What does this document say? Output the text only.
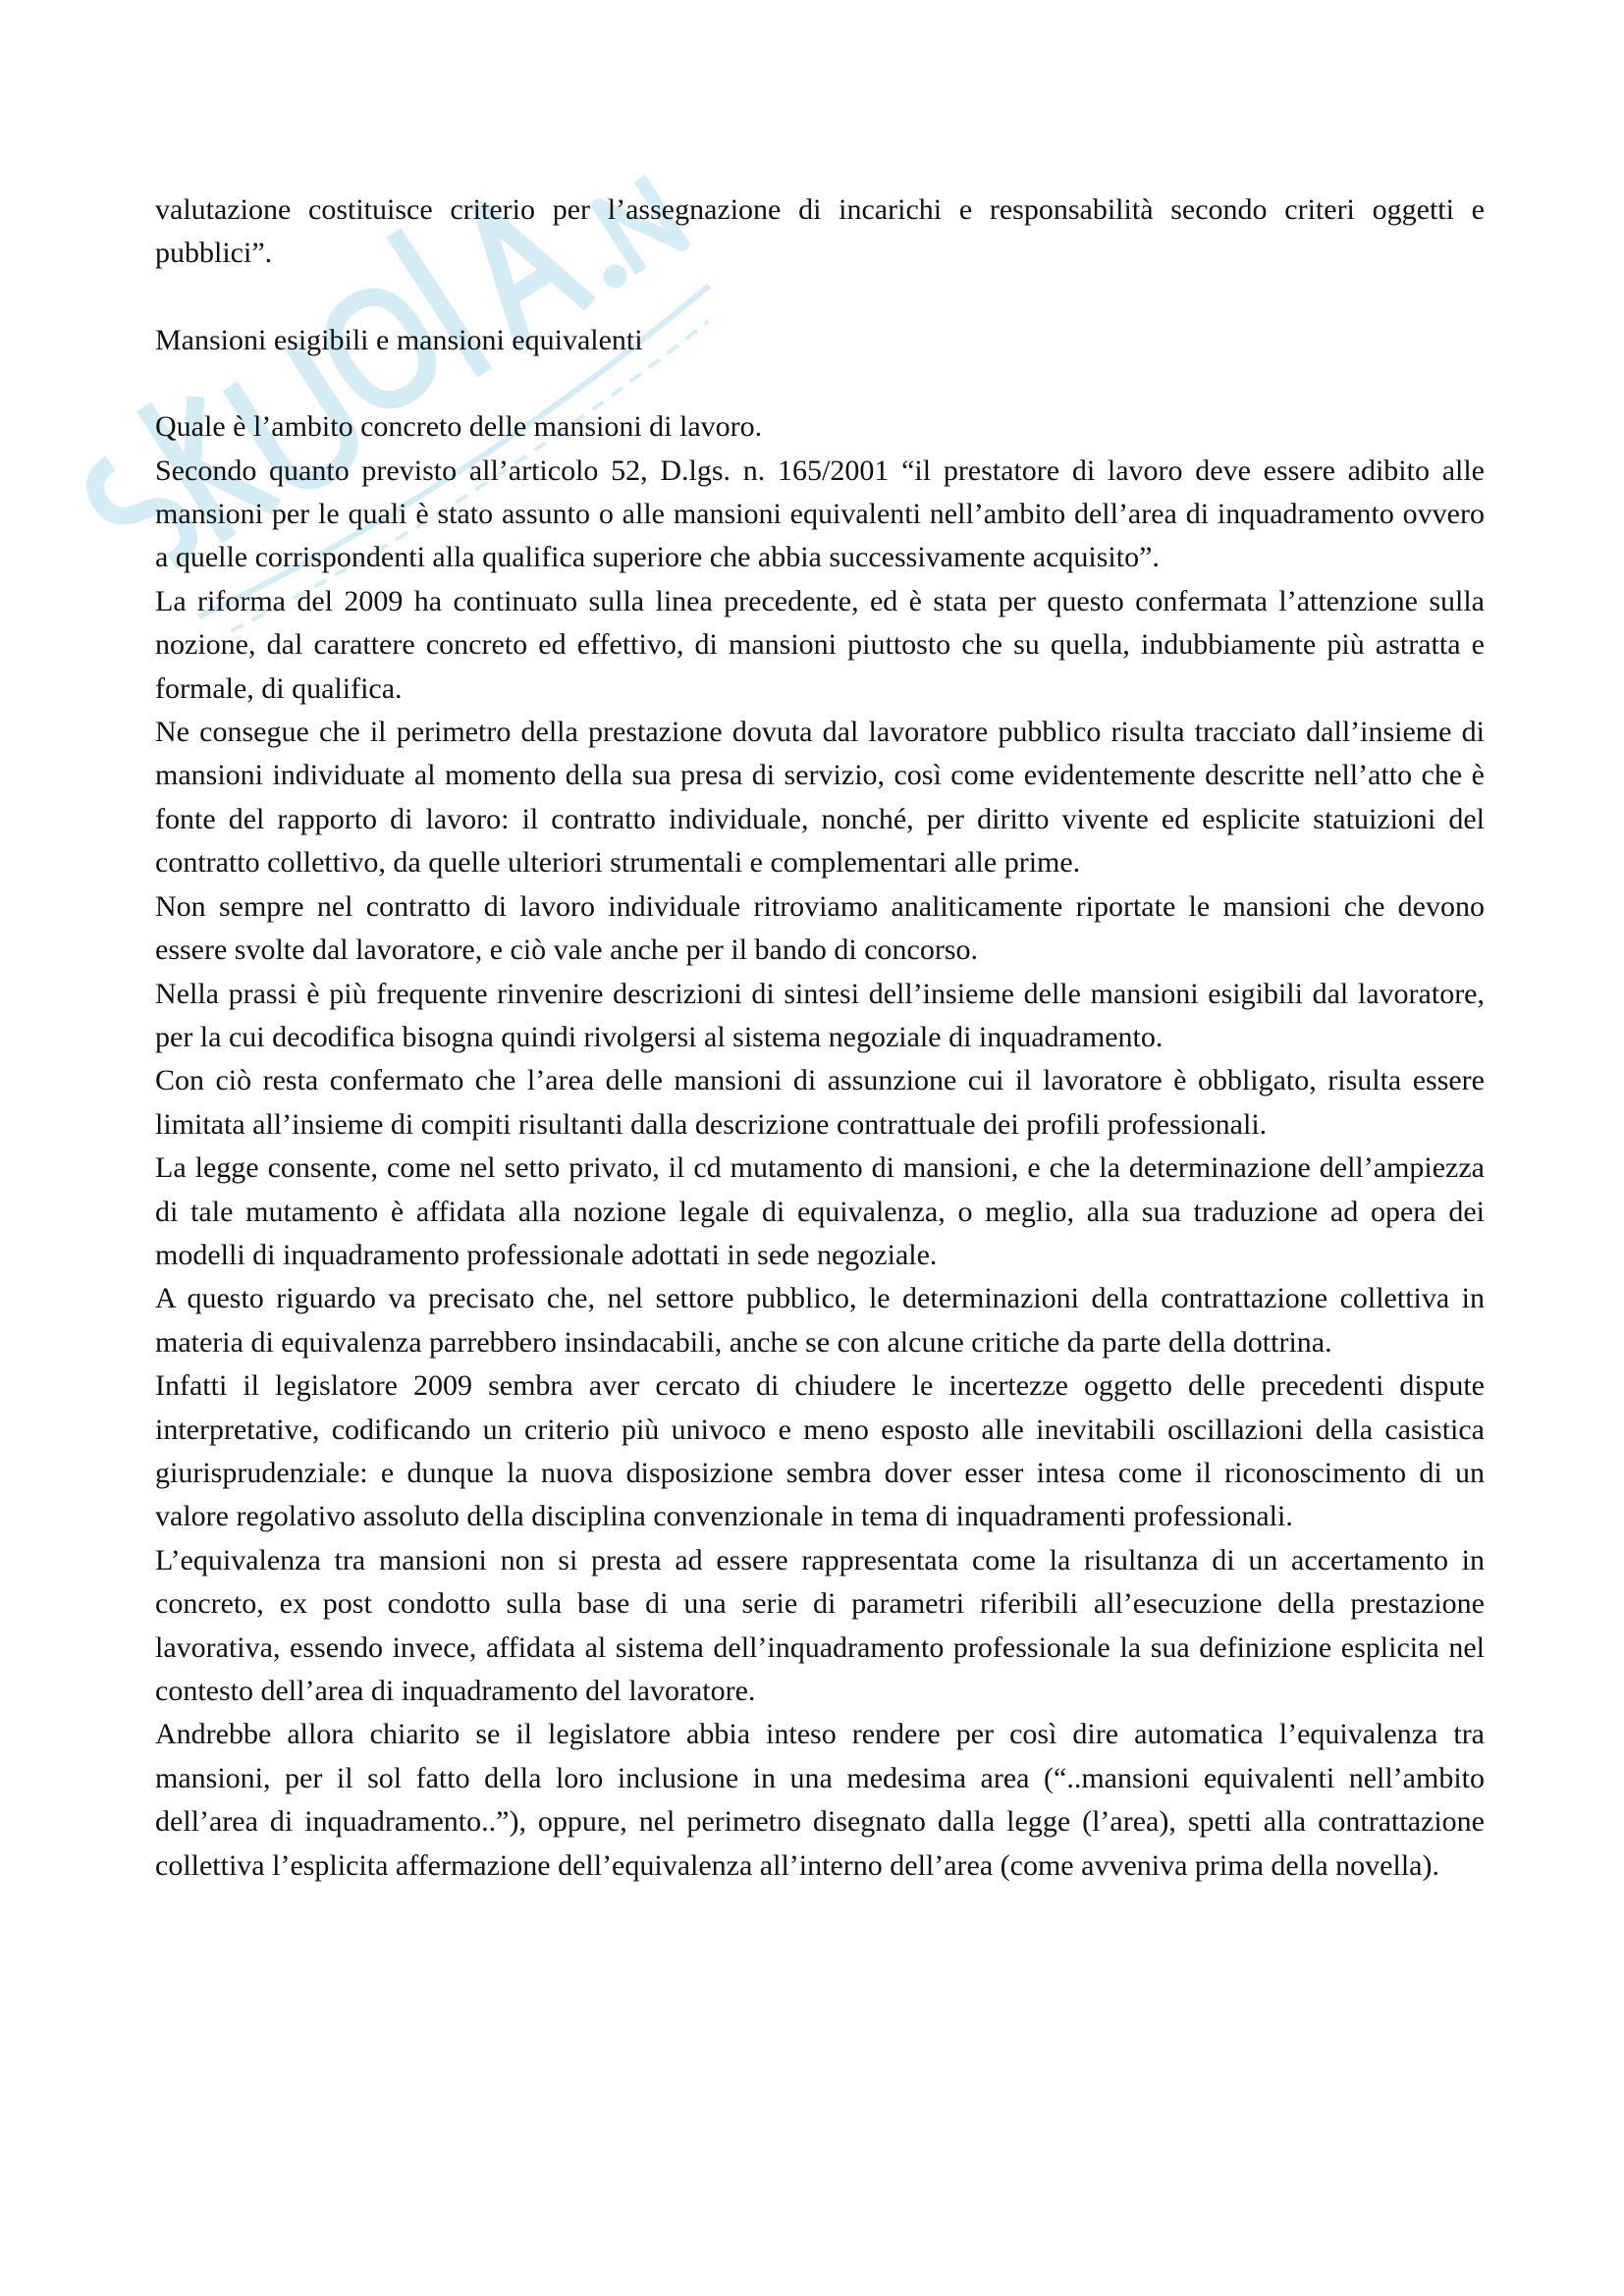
valutazione costituisce criterio per l’assegnazione di incarichi e responsabilità secondo criteri oggetti e pubblici”.

Mansioni esigibili e mansioni equivalenti

Quale è l’ambito concreto delle mansioni di lavoro.

Secondo quanto previsto all’articolo 52, D.lgs. n. 165/2001 “il prestatore di lavoro deve essere adibito alle mansioni per le quali è stato assunto o alle mansioni equivalenti nell’ambito dell’area di inquadramento ovvero a quelle corrispondenti alla qualifica superiore che abbia successivamente acquisito”.

La riforma del 2009 ha continuato sulla linea precedente, ed è stata per questo confermata l’attenzione sulla nozione, dal carattere concreto ed effettivo, di mansioni piuttosto che su quella, indubbiamente più astratta e formale, di qualifica.

Ne consegue che il perimetro della prestazione dovuta dal lavoratore pubblico risulta tracciato dall’insieme di mansioni individuate al momento della sua presa di servizio, così come evidentemente descritte nell’atto che è fonte del rapporto di lavoro: il contratto individuale, nonché, per diritto vivente ed esplicite statuizioni del contratto collettivo, da quelle ulteriori strumentali e complementari alle prime.

Non sempre nel contratto di lavoro individuale ritroviamo analiticamente riportate le mansioni che devono essere svolte dal lavoratore, e ciò vale anche per il bando di concorso.

Nella prassi è più frequente rinvenire descrizioni di sintesi dell’insieme delle mansioni esigibili dal lavoratore, per la cui decodifica bisogna quindi rivolgersi al sistema negoziale di inquadramento.

Con ciò resta confermato che l’area delle mansioni di assunzione cui il lavoratore è obbligato, risulta essere limitata all’insieme di compiti risultanti dalla descrizione contrattuale dei profili professionali.

La legge consente, come nel setto privato, il cd mutamento di mansioni, e che la determinazione dell’ampiezza di tale mutamento è affidata alla nozione legale di equivalenza, o meglio, alla sua traduzione ad opera dei modelli di inquadramento professionale adottati in sede negoziale.

A questo riguardo va precisato che, nel settore pubblico, le determinazioni della contrattazione collettiva in materia di equivalenza parrebbero insindacabili, anche se con alcune critiche da parte della dottrina.

Infatti il legislatore 2009 sembra aver cercato di chiudere le incertezze oggetto delle precedenti dispute interpretative, codificando un criterio più univoco e meno esposto alle inevitabili oscillazioni della casistica giurisprudenziale: e dunque la nuova disposizione sembra dover esser intesa come il riconoscimento di un valore regolativo assoluto della disciplina convenzionale in tema di inquadramenti professionali.

L’equivalenza tra mansioni non si presta ad essere rappresentata come la risultanza di un accertamento in concreto, ex post condotto sulla base di una serie di parametri riferibili all’esecuzione della prestazione lavorativa, essendo invece, affidata al sistema dell’inquadramento professionale la sua definizione esplicita nel contesto dell’area di inquadramento del lavoratore.

Andrebbe allora chiarito se il legislatore abbia inteso rendere per così dire automatica l’equivalenza tra mansioni, per il sol fatto della loro inclusione in una medesima area (“..mansioni equivalenti nell’ambito dell’area di inquadramento..”), oppure, nel perimetro disegnato dalla legge (l’area), spetti alla contrattazione collettiva l’esplicita affermazione dell’equivalenza all’interno dell’area (come avveniva prima della novella).
